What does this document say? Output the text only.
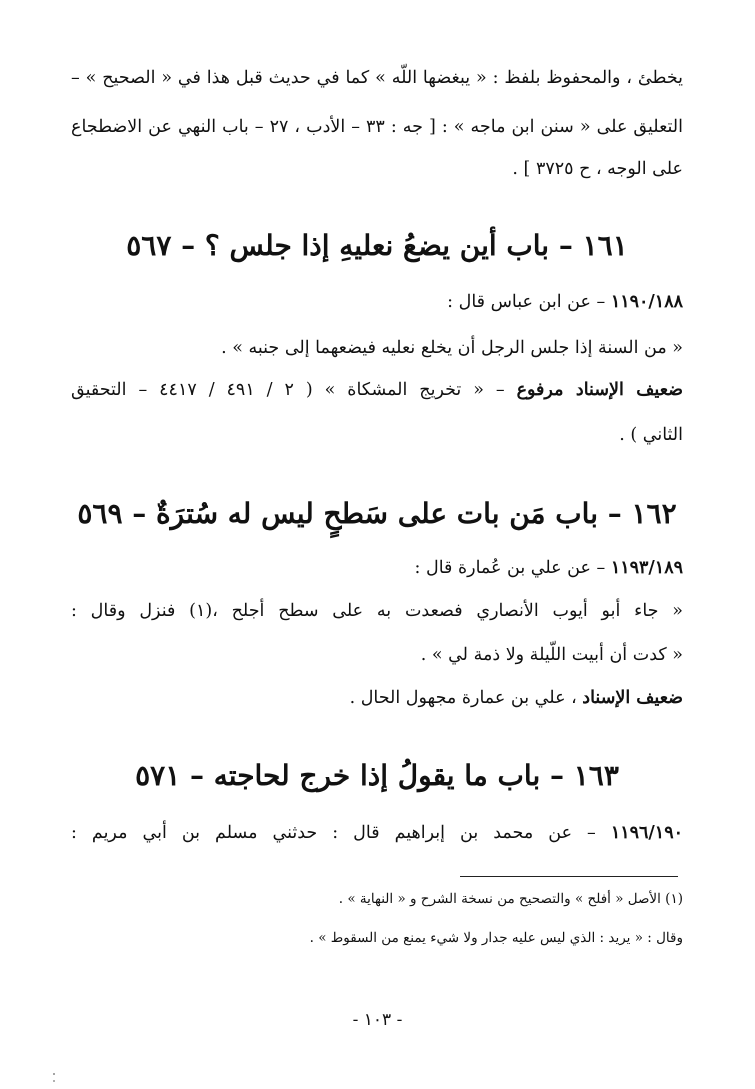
يخطئ ، والمحفوظ بلفظ : « يبغضها اللّه » كما في حديث قبل هذا في « الصحيح » –
التعليق على « سنن ابن ماجه » : [ جه : ٣٣ – الأدب ، ٢٧ – باب النهي عن الاضطجاع
على الوجه ، ح ٣٧٢٥ ] .
١٦١ – باب أين يضعُ نعليهِ إذا جلس ؟ – ٥٦٧
١١٩٠/١٨٨ – عن ابن عباس قال :
« من السنة إذا جلس الرجل أن يخلع نعليه فيضعهما إلى جنبه » .
ضعيف الإسناد مرفوع – « تخريج المشكاة » ( ٢ / ٤٩١ / ٤٤١٧ – التحقيق
الثاني ) .
١٦٢ – باب مَن بات على سَطحٍ ليس له سُترَةٌ – ٥٦٩
١١٩٣/١٨٩ – عن علي بن عُمارة قال :
« جاء أبو أيوب الأنصاري فصعدت به على سطح أجلح ،(١) فنزل وقال :
« كدت أن أبيت اللّيلة ولا ذمة لي » .
ضعيف الإسناد ، علي بن عمارة مجهول الحال .
١٦٣ – باب ما يقولُ إذا خرج لحاجته – ٥٧١
١١٩٦/١٩٠ – عن محمد بن إبراهيم قال : حدثني مسلم بن أبي مريم :
(١) الأصل « أفلح » والتصحيح من نسخة الشرح و « النهاية » .
وقال : « يريد : الذي ليس عليه جدار ولا شيء يمنع من السقوط » .
- ١٠٣ -
